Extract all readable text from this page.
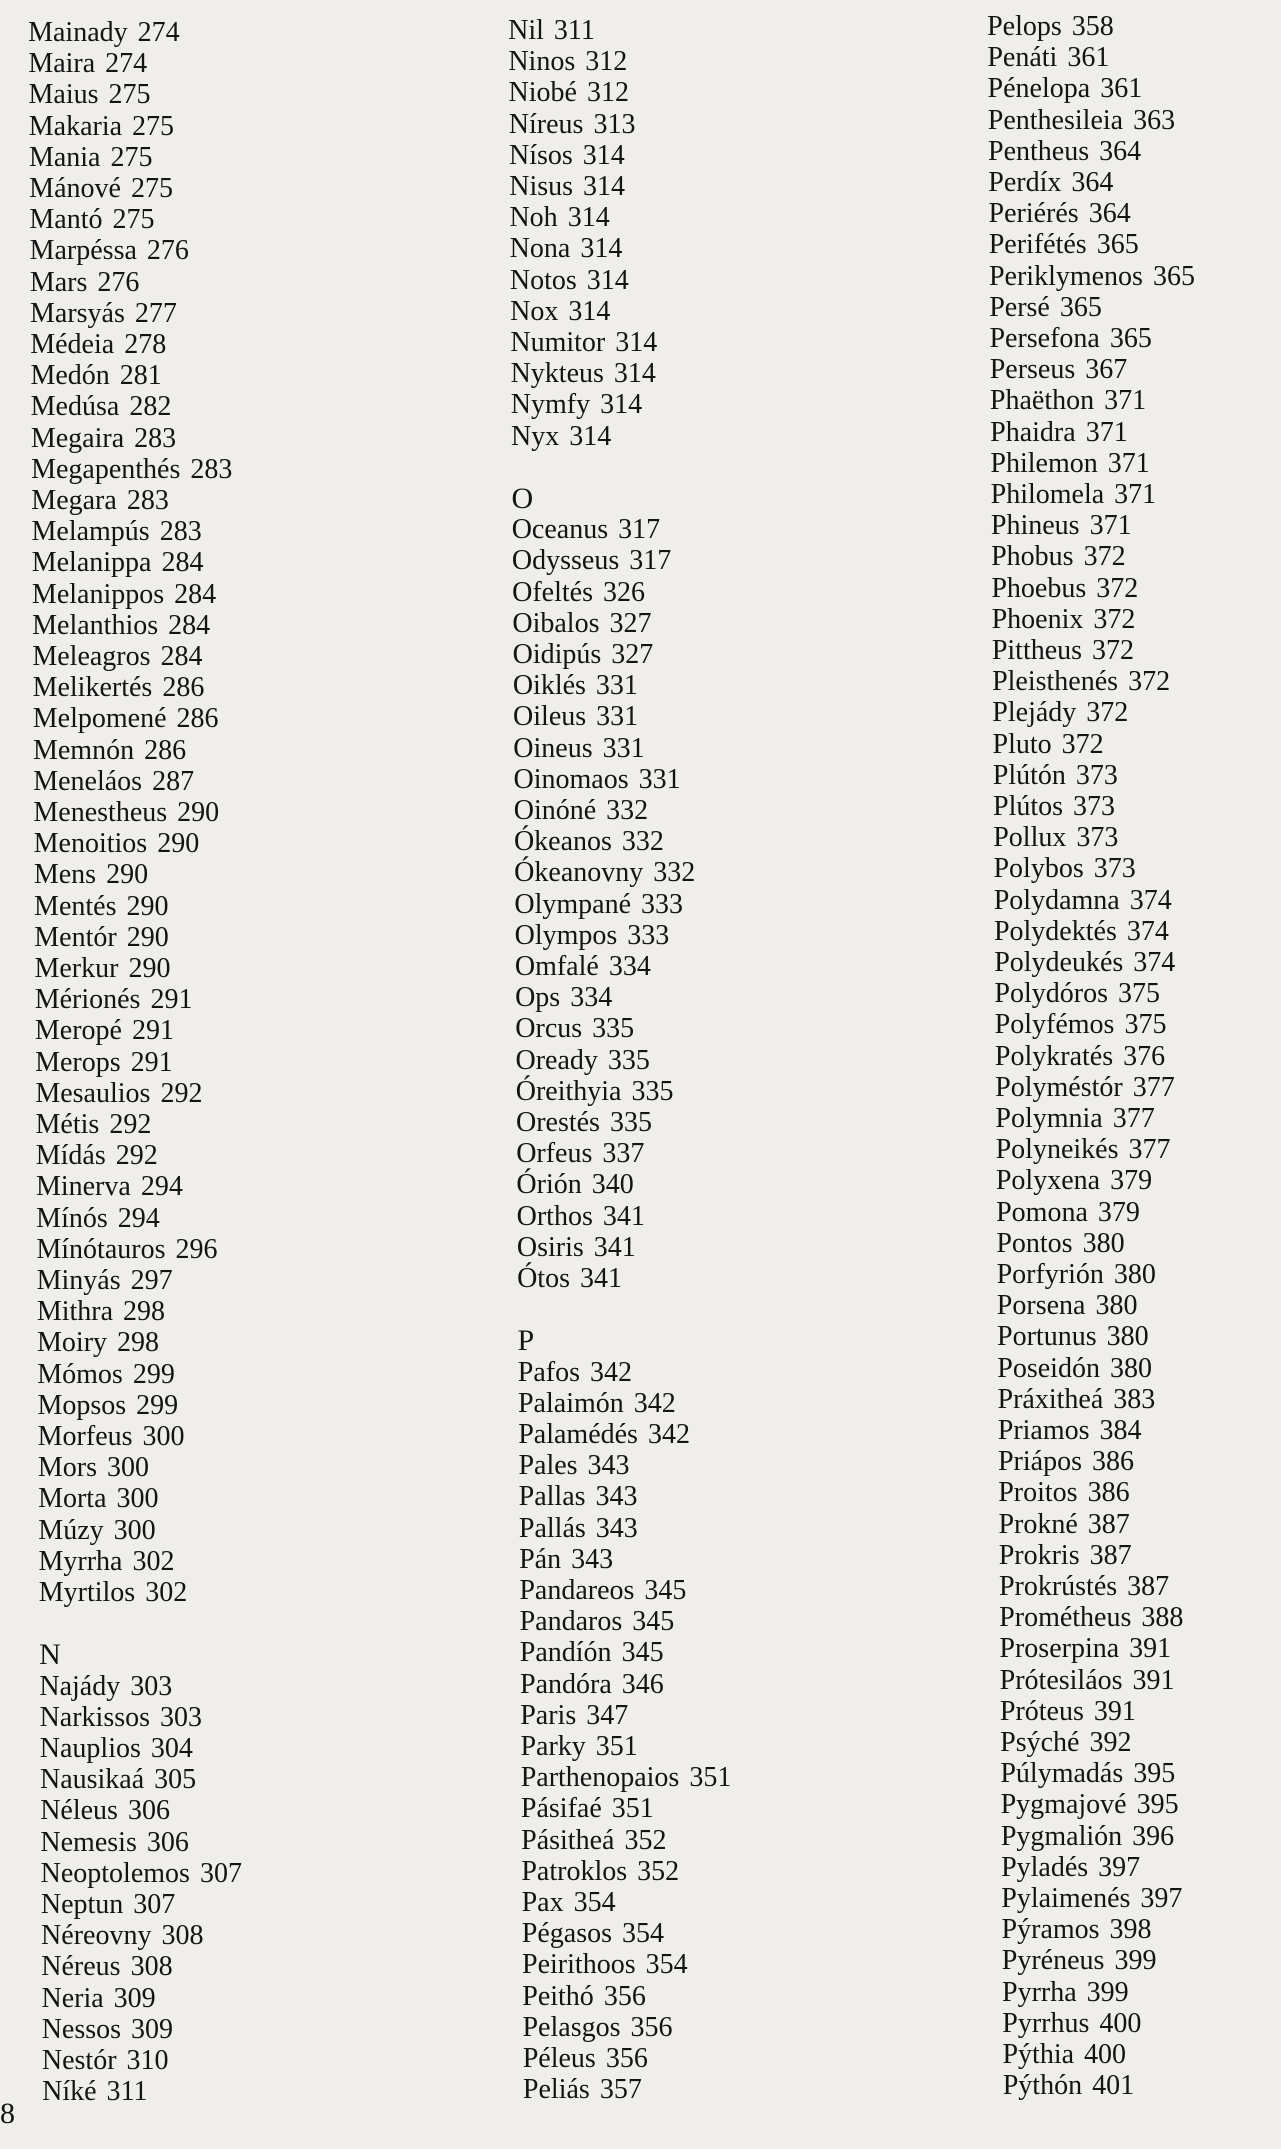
Mainady 274
Maira 274
Maius 275
Makaria 275
Mania 275
Mánové 275
Mantó 275
Marpéssa 276
Mars 276
Marsyás 277
Médeia 278
Medón 281
Medúsa 282
Megaira 283
Megapenthés 283
Megara 283
Melampús 283
Melanippa 284
Melanippos 284
Melanthios 284
Meleagros 284
Melikertés 286
Melpomené 286
Memnón 286
Meneláos 287
Menestheus 290
Menoitios 290
Mens 290
Mentés 290
Mentór 290
Merkur 290
Mérionés 291
Meropé 291
Merops 291
Mesaulios 292
Métis 292
Mídás 292
Minerva 294
Mínós 294
Mínótauros 296
Minyás 297
Mithra 298
Moiry 298
Mómos 299
Mopsos 299
Morfeus 300
Mors 300
Morta 300
Múzy 300
Myrrha 302
Myrtilos 302
N
Najády 303
Narkissos 303
Nauplios 304
Nausikaá 305
Néleus 306
Nemesis 306
Neoptolemos 307
Neptun 307
Néreovny 308
Néreus 308
Neria 309
Nessos 309
Nestór 310
Níké 311
Nil 311
Ninos 312
Niobé 312
Níreus 313
Nísos 314
Nisus 314
Noh 314
Nona 314
Notos 314
Nox 314
Numitor 314
Nykteus 314
Nymfy 314
Nyx 314
O
Oceanus 317
Odysseus 317
Ofeltés 326
Oibalos 327
Oidipús 327
Oiklés 331
Oileus 331
Oineus 331
Oinomaos 331
Oinóné 332
Ókeanos 332
Ókeanovny 332
Olympané 333
Olympos 333
Omfalé 334
Ops 334
Orcus 335
Oready 335
Óreithyia 335
Orestés 335
Orfeus 337
Órión 340
Orthos 341
Osiris 341
Ótos 341
P
Pafos 342
Palaimón 342
Palamédés 342
Pales 343
Pallas 343
Pallás 343
Pán 343
Pandareos 345
Pandaros 345
Pandíón 345
Pandóra 346
Paris 347
Parky 351
Parthenopaios 351
Pásifaé 351
Pásitheá 352
Patroklos 352
Pax 354
Pégasos 354
Peirithoos 354
Peithó 356
Pelasgos 356
Péleus 356
Peliás 357
Pelops 358
Penáti 361
Pénelopa 361
Penthesileia 363
Pentheus 364
Perdíx 364
Periérés 364
Perifétés 365
Periklymenos 365
Persé 365
Persefona 365
Perseus 367
Phaëthon 371
Phaidra 371
Philemon 371
Philomela 371
Phineus 371
Phobus 372
Phoebus 372
Phoenix 372
Pittheus 372
Pleisthenés 372
Plejády 372
Pluto 372
Plútón 373
Plútos 373
Pollux 373
Polybos 373
Polydamna 374
Polydektés 374
Polydeukés 374
Polydóros 375
Polyfémos 375
Polykratés 376
Polyméstór 377
Polymnia 377
Polyneikés 377
Polyxena 379
Pomona 379
Pontos 380
Porfyrión 380
Porsena 380
Portunus 380
Poseidón 380
Práxitheá 383
Priamos 384
Priápos 386
Proitos 386
Prokné 387
Prokris 387
Prokrústés 387
Prométheus 388
Proserpina 391
Prótesiláos 391
Próteus 391
Psýché 392
Púlymadás 395
Pygmajové 395
Pygmalión 396
Pyladés 397
Pylaimenés 397
Pýramos 398
Pyréneus 399
Pyrrha 399
Pyrrhus 400
Pýthia 400
Pýthón 401
8
